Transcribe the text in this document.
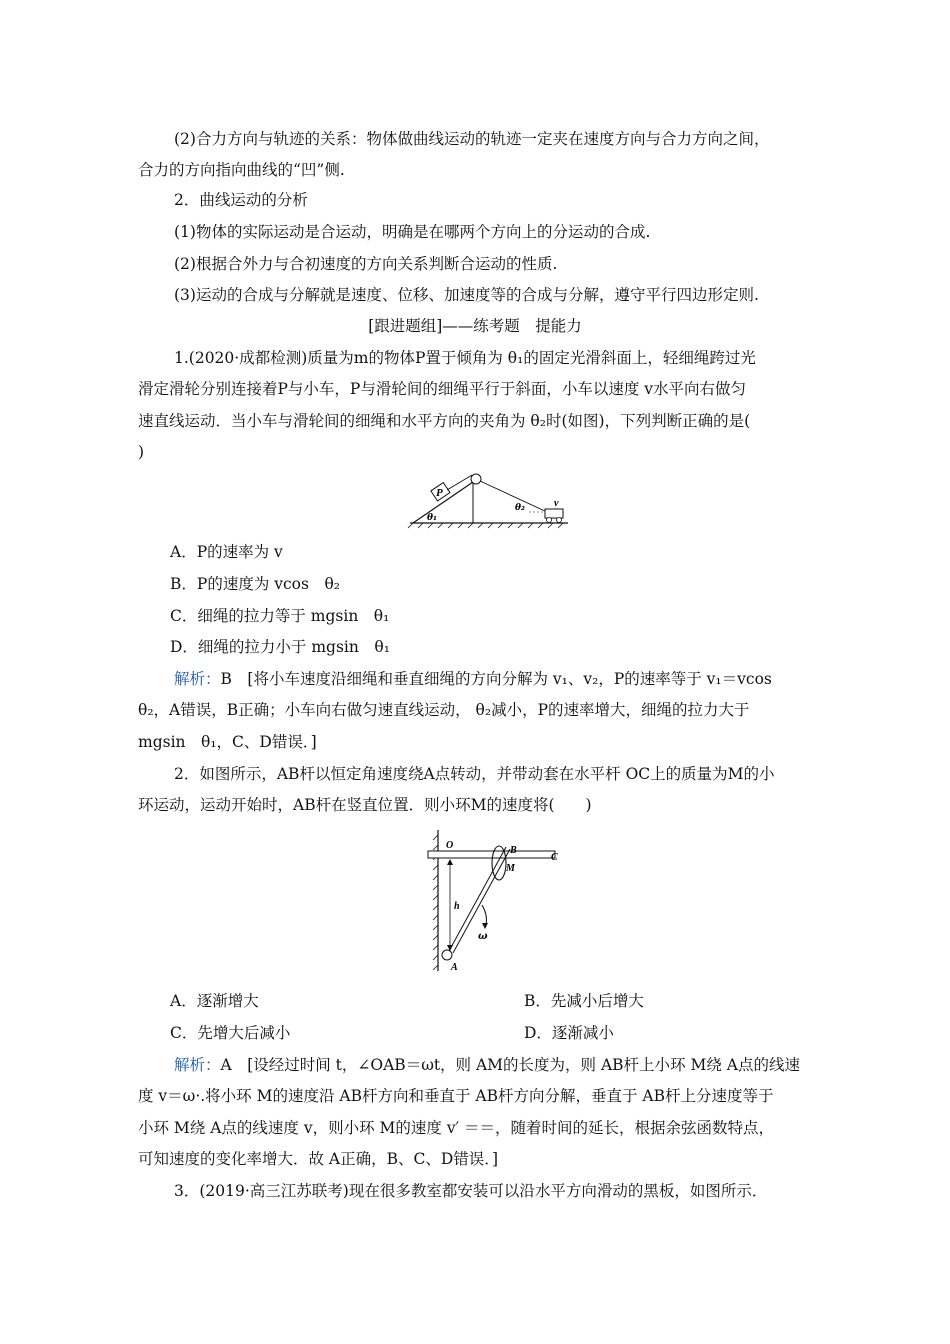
(2)合力方向与轨迹的关系：物体做曲线运动的轨迹一定夹在速度方向与合力方向之间，
合力的方向指向曲线的“凹”侧.
2．曲线运动的分析
(1)物体的实际运动是合运动，明确是在哪两个方向上的分运动的合成.
(2)根据合外力与合初速度的方向关系判断合运动的性质.
(3)运动的合成与分解就是速度、位移、加速度等的合成与分解，遵守平行四边形定则.
[跟进题组]——练考题　提能力
1.(2020·成都检测)质量为m的物体P置于倾角为 θ₁的固定光滑斜面上，轻细绳跨过光
滑定滑轮分别连接着P与小车，P与滑轮间的细绳平行于斜面，小车以速度 v水平向右做匀
速直线运动．当小车与滑轮间的细绳和水平方向的夹角为 θ₂时(如图)，下列判断正确的是(
)
P
v
θ₁
θ₂
A．P的速率为 v
B．P的速度为 vcos　θ₂
C．细绳的拉力等于 mgsin　θ₁
D．细绳的拉力小于 mgsin　θ₁
解析：B　[将小车速度沿细绳和垂直细绳的方向分解为 v₁、v₂，P的速率等于 v₁＝vcos
θ₂，A错误，B正确；小车向右做匀速直线运动， θ₂减小，P的速率增大，细绳的拉力大于
mgsin　θ₁，C、D错误．]
2．如图所示，AB杆以恒定角速度绕A点转动，并带动套在水平杆 OC上的质量为M的小
环运动，运动开始时，AB杆在竖直位置．则小环M的速度将(　　)
O	B
C
M
h
ω
A
A．逐渐增大	B．先减小后增大
C．先增大后减小	D．逐渐减小
解析：A　[设经过时间 t，∠OAB＝ωt，则 AM的长度为，则 AB杆上小环 M绕 A点的线速
度 v＝ω·.将小环 M的速度沿 AB杆方向和垂直于 AB杆方向分解，垂直于 AB杆上分速度等于
小环 M绕 A点的线速度 v，则小环 M的速度 v′ ＝＝，随着时间的延长，根据余弦函数特点，
可知速度的变化率增大．故 A正确，B、C、D错误．]
3．(2019·高三江苏联考)现在很多教室都安装可以沿水平方向滑动的黑板，如图所示．
